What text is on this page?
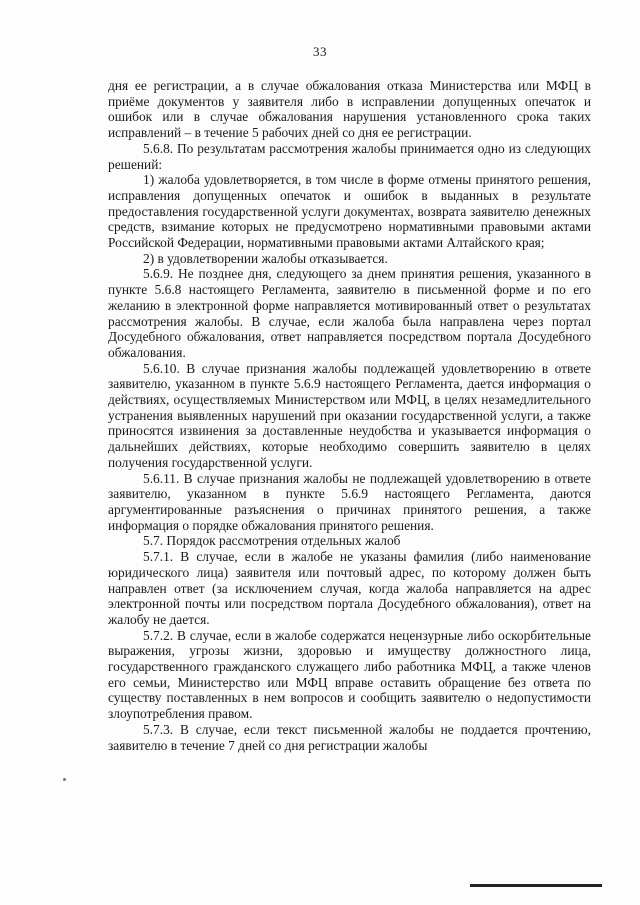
33

дня ее регистрации, а в случае обжалования отказа Министерства или МФЦ в приёме документов у заявителя либо в исправлении допущенных опечаток и ошибок или в случае обжалования нарушения установленного срока таких исправлений – в течение 5 рабочих дней со дня ее регистрации.

5.6.8. По результатам рассмотрения жалобы принимается одно из следующих решений:

1) жалоба удовлетворяется, в том числе в форме отмены принятого решения, исправления допущенных опечаток и ошибок в выданных в результате предоставления государственной услуги документах, возврата заявителю денежных средств, взимание которых не предусмотрено нормативными правовыми актами Российской Федерации, нормативными правовыми актами Алтайского края;

2) в удовлетворении жалобы отказывается.

5.6.9. Не позднее дня, следующего за днем принятия решения, указанного в пункте 5.6.8 настоящего Регламента, заявителю в письменной форме и по его желанию в электронной форме направляется мотивированный ответ о результатах рассмотрения жалобы. В случае, если жалоба была направлена через портал Досудебного обжалования, ответ направляется посредством портала Досудебного обжалования.

5.6.10. В случае признания жалобы подлежащей удовлетворению в ответе заявителю, указанном в пункте 5.6.9 настоящего Регламента, дается информация о действиях, осуществляемых Министерством или МФЦ, в целях незамедлительного устранения выявленных нарушений при оказании государственной услуги, а также приносятся извинения за доставленные неудобства и указывается информация о дальнейших действиях, которые необходимо совершить заявителю в целях получения государственной услуги.

5.6.11. В случае признания жалобы не подлежащей удовлетворению в ответе заявителю, указанном в пункте 5.6.9 настоящего Регламента, даются аргументированные разъяснения о причинах принятого решения, а также информация о порядке обжалования принятого решения.

5.7. Порядок рассмотрения отдельных жалоб

5.7.1. В случае, если в жалобе не указаны фамилия (либо наименование юридического лица) заявителя или почтовый адрес, по которому должен быть направлен ответ (за исключением случая, когда жалоба направляется на адрес электронной почты или посредством портала Досудебного обжалования), ответ на жалобу не дается.

5.7.2. В случае, если в жалобе содержатся нецензурные либо оскорбительные выражения, угрозы жизни, здоровью и имуществу должностного лица, государственного гражданского служащего либо работника МФЦ, а также членов его семьи, Министерство или МФЦ вправе оставить обращение без ответа по существу поставленных в нем вопросов и сообщить заявителю о недопустимости злоупотребления правом.

5.7.3. В случае, если текст письменной жалобы не поддается прочтению, заявителю в течение 7 дней со дня регистрации жалобы
